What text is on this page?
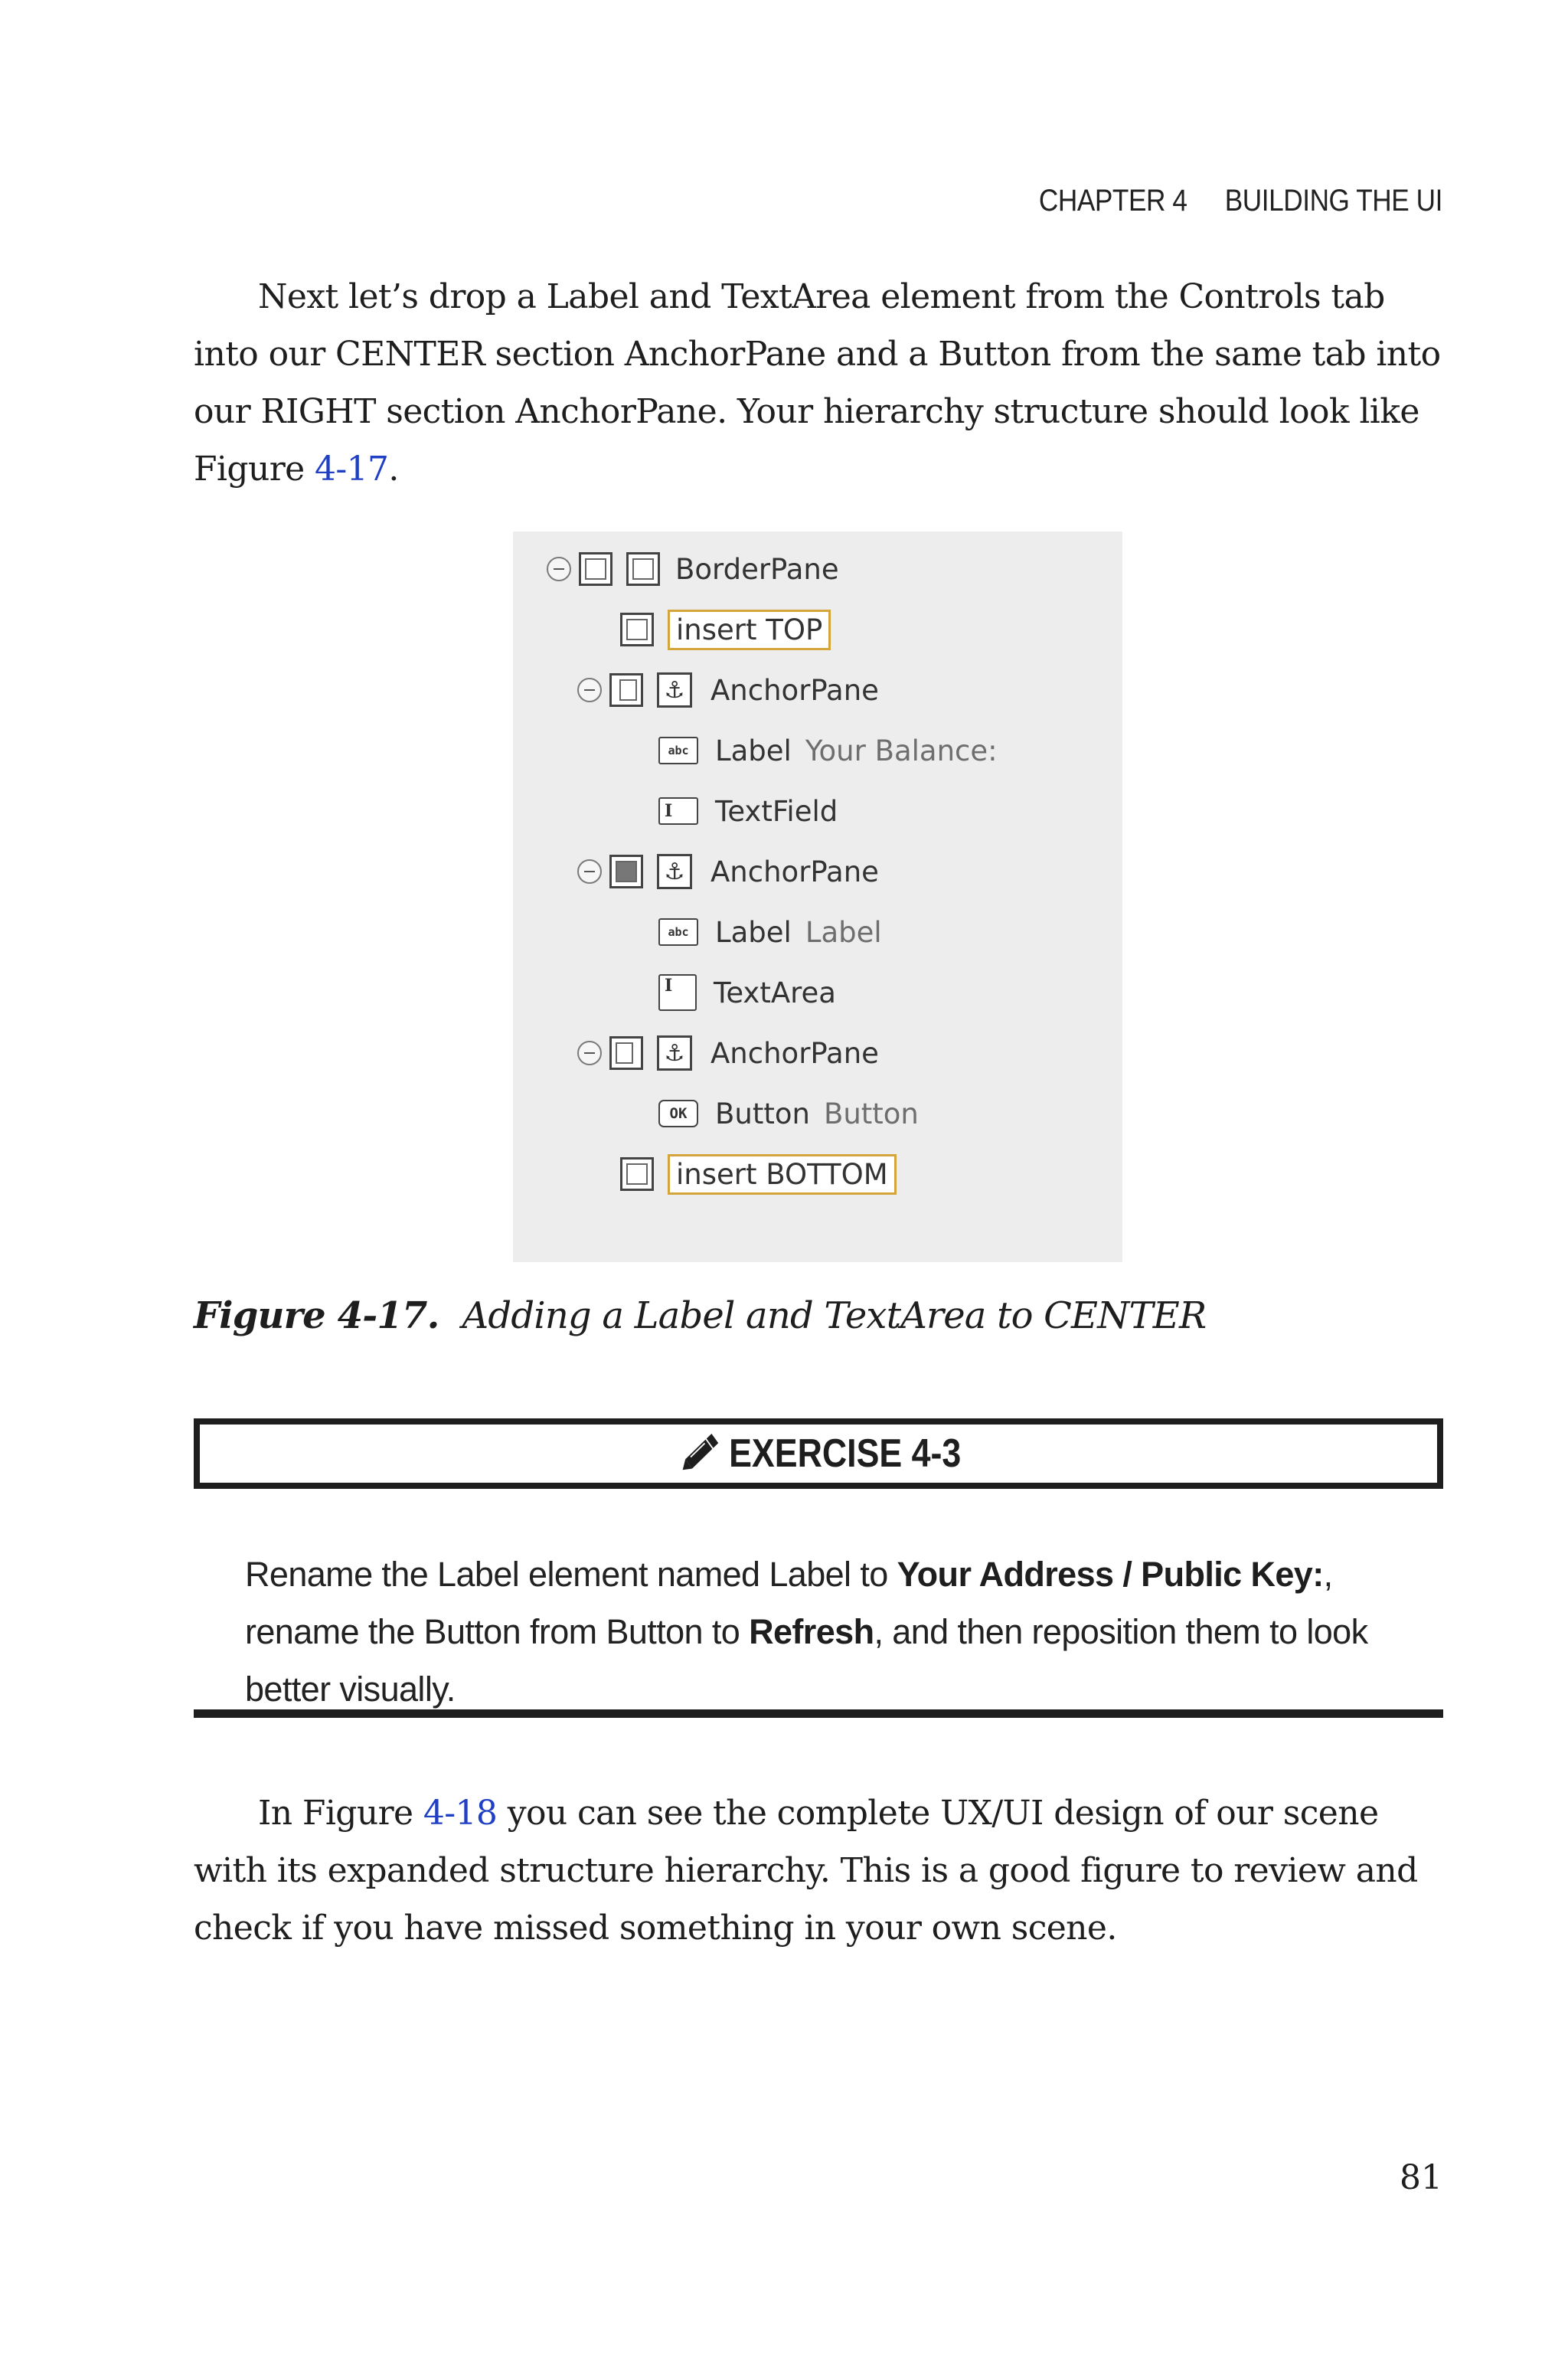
CHAPTER 4 BUILDING THE UI

Next let’s drop a Label and TextArea element from the Controls tab into our CENTER section AnchorPane and a Button from the same tab into our RIGHT section AnchorPane. Your hierarchy structure should look like Figure 4-17.

BorderPane
insert TOP
⚓ AnchorPane
abc Label Your Balance:
I	TextField
⚓ AnchorPane
abc Label Label
I	TextArea
⚓ AnchorPane
OK Button Button
insert BOTTOM
Figure 4-17. Adding a Label and TextArea to CENTER
EXERCISE 4-3
Rename the Label element named Label to Your Address / Public Key:, rename the Button from Button to Refresh, and then reposition them to look better visually.

In Figure 4-18 you can see the complete UX/UI design of our scene with its expanded structure hierarchy. This is a good figure to review and check if you have missed something in your own scene.

81
